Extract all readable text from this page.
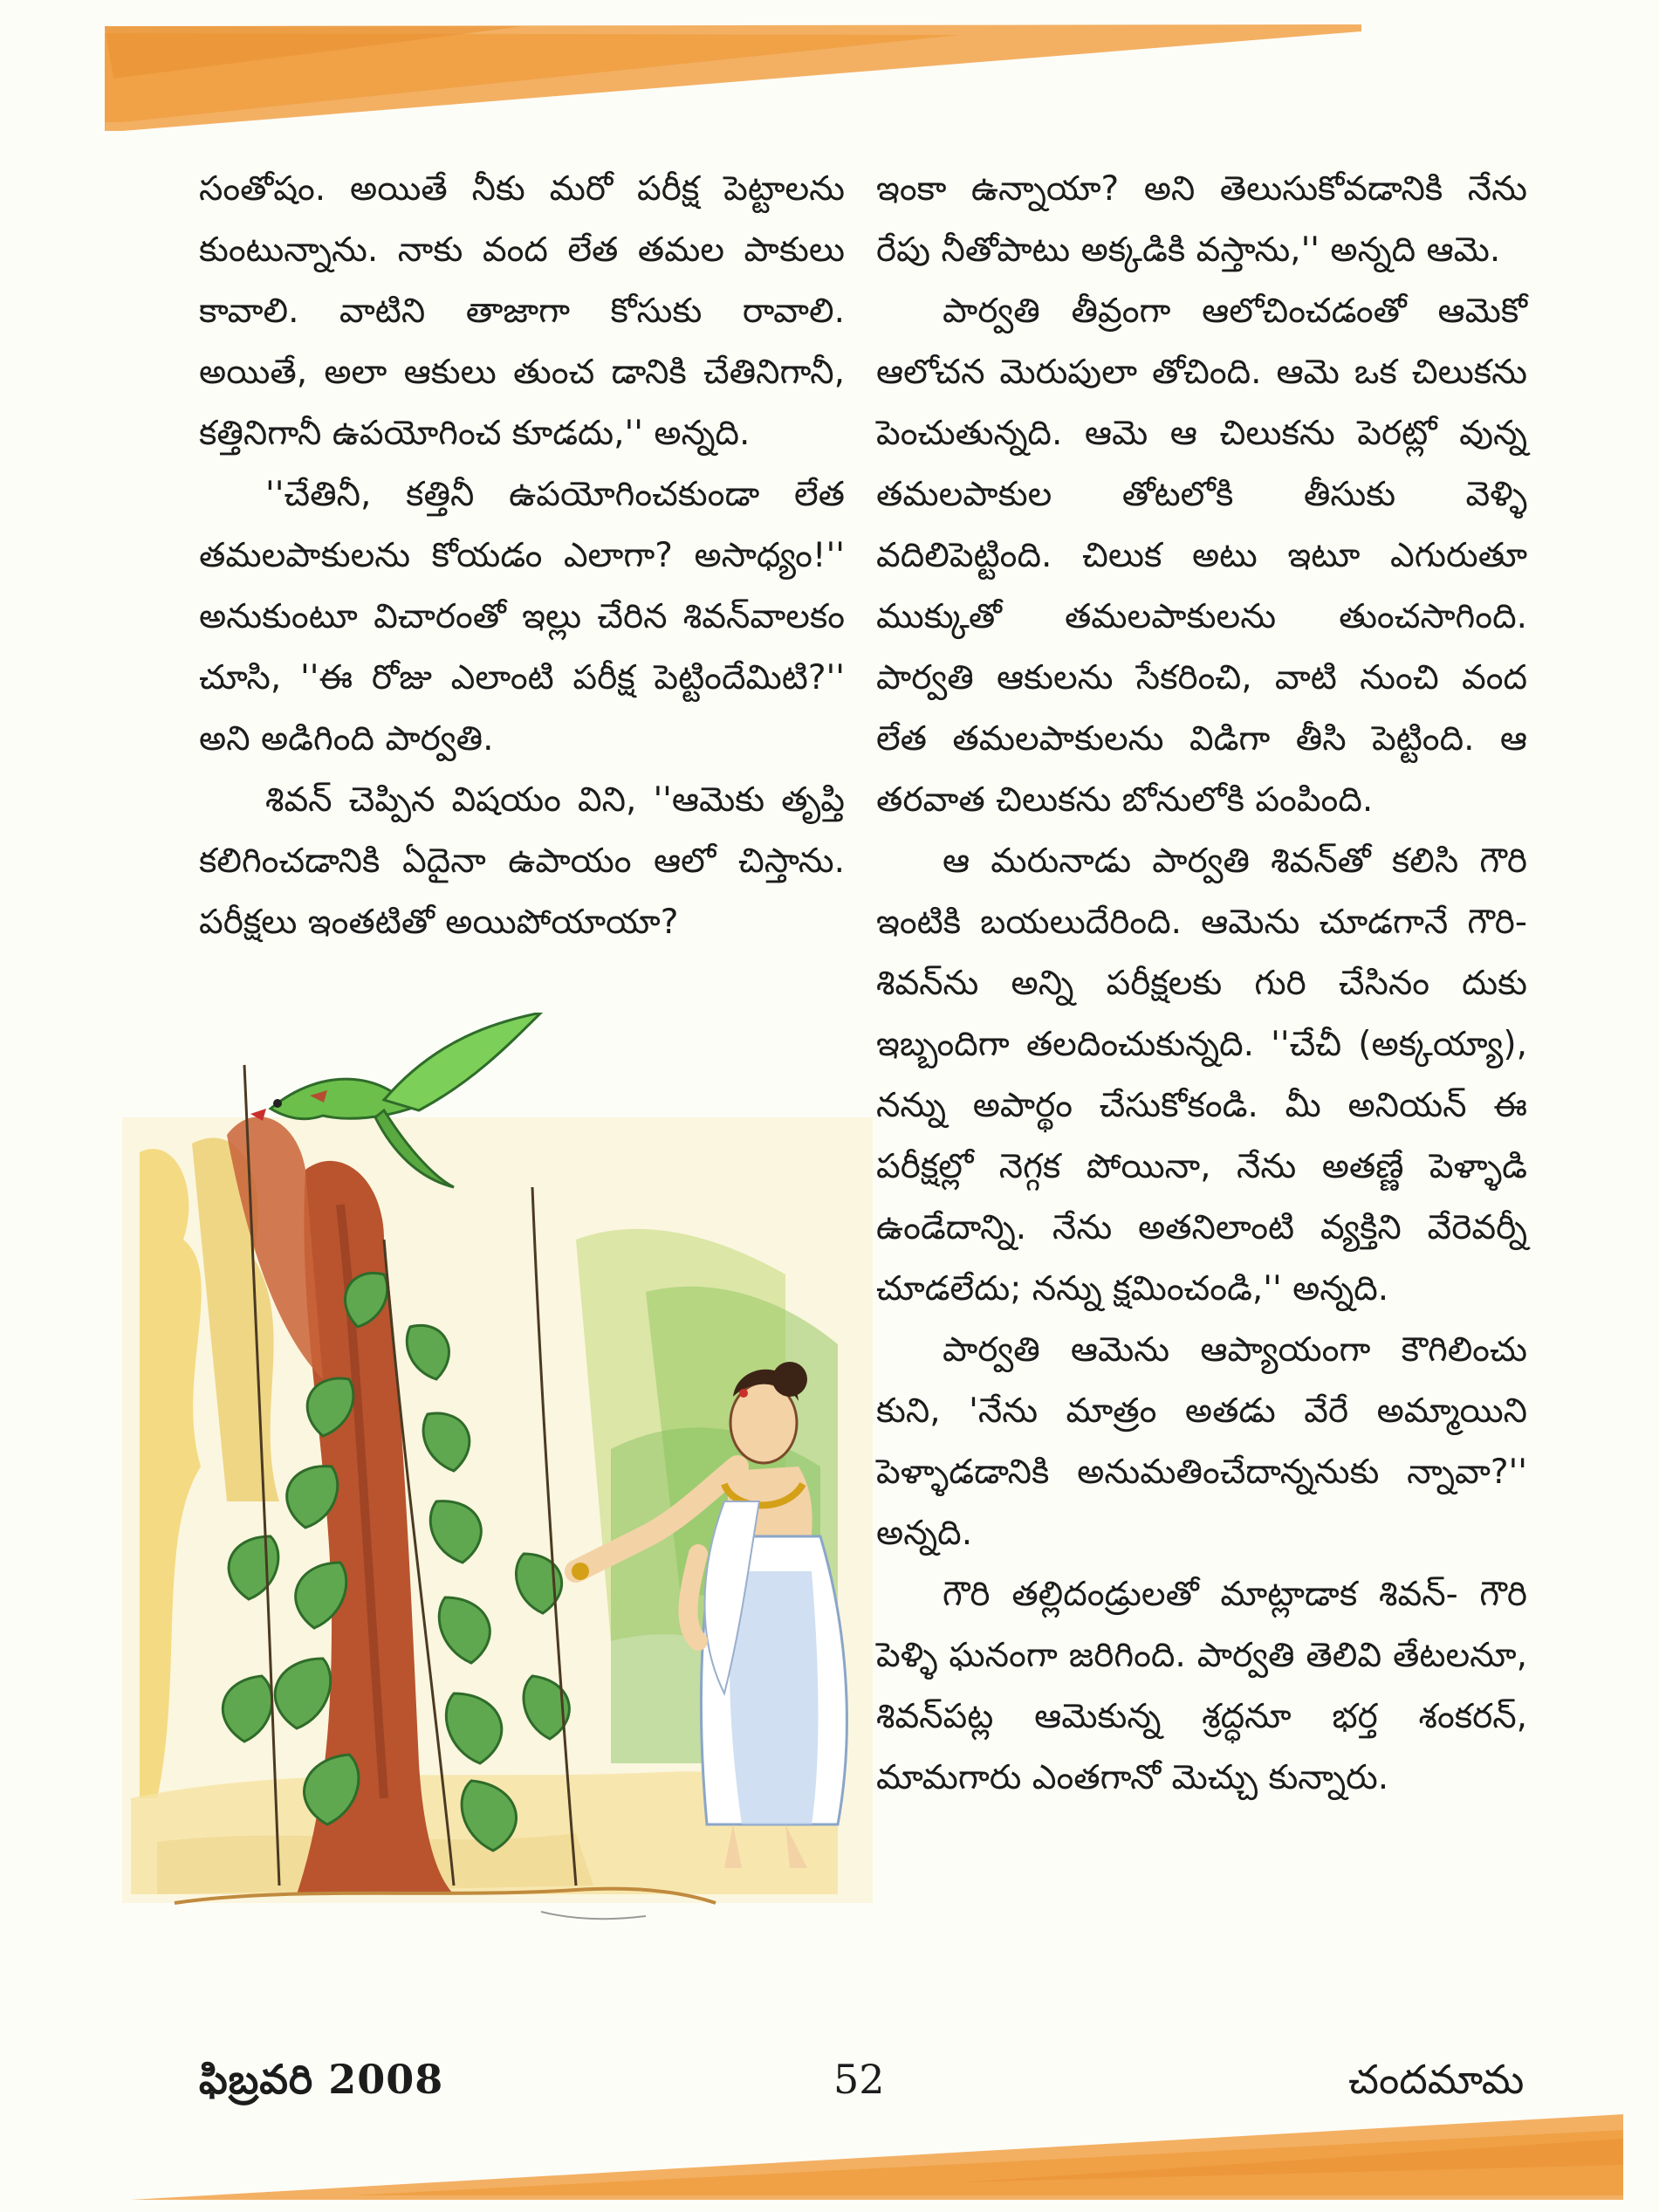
సంతోషం. అయితే నీకు మరో పరీక్ష పెట్టాలను కుంటున్నాను. నాకు వంద లేత తమల పాకులు కావాలి. వాటిని తాజాగా కోసుకు రావాలి. అయితే, అలా ఆకులు తుంచ డానికి చేతినిగానీ, కత్తినిగానీ ఉపయోగించ కూడదు,'' అన్నది.

''చేతినీ, కత్తినీ ఉపయోగించకుండా లేత తమలపాకులను కోయడం ఎలాగా? అసాధ్యం!'' అనుకుంటూ విచారంతో ఇల్లు చేరిన శివన్‌వాలకం చూసి, ''ఈ రోజు ఎలాంటి పరీక్ష పెట్టిందేమిటి?'' అని అడిగింది పార్వతి.

శివన్ చెప్పిన విషయం విని, ''ఆమెకు తృప్తి కలిగించడానికి ఏదైనా ఉపాయం ఆలో చిస్తాను. పరీక్షలు ఇంతటితో అయిపోయాయా?

ఇంకా ఉన్నాయా? అని తెలుసుకోవడానికి నేను రేపు నీతోపాటు అక్కడికి వస్తాను,'' అన్నది ఆమె.

పార్వతి తీవ్రంగా ఆలోచించడంతో ఆమెకో ఆలోచన మెరుపులా తోచింది. ఆమె ఒక చిలుకను పెంచుతున్నది. ఆమె ఆ చిలుకను పెరట్లో వున్న తమలపాకుల తోటలోకి తీసుకు వెళ్ళి వదిలిపెట్టింది. చిలుక అటు ఇటూ ఎగురుతూ ముక్కుతో తమలపాకులను తుంచసాగింది. పార్వతి ఆకులను సేకరించి, వాటి నుంచి వంద లేత తమలపాకులను విడిగా తీసి పెట్టింది. ఆ తరవాత చిలుకను బోనులోకి పంపింది.

ఆ మరునాడు పార్వతి శివన్‌తో కలిసి గౌరి ఇంటికి బయలుదేరింది. ఆమెను చూడగానే గౌరి-శివన్‌ను అన్ని పరీక్షలకు గురి చేసినం దుకు ఇబ్బందిగా తలదించుకున్నది. ''చేచీ (అక్కయ్యా), నన్ను అపార్థం చేసుకోకండి. మీ అనియన్ ఈ పరీక్షల్లో నెగ్గక పోయినా, నేను అతణ్ణే పెళ్ళాడి ఉండేదాన్ని. నేను అతనిలాంటి వ్యక్తిని వేరెవర్నీ చూడలేదు; నన్ను క్షమించండి,'' అన్నది.

పార్వతి ఆమెను ఆప్యాయంగా కౌగిలించు కుని, 'నేను మాత్రం అతడు వేరే అమ్మాయిని పెళ్ళాడడానికి అనుమతించేదాన్ననుకు న్నావా?'' అన్నది.

గౌరి తల్లిదండ్రులతో మాట్లాడాక శివన్- గౌరి పెళ్ళి ఘనంగా జరిగింది. పార్వతి తెలివి తేటలనూ, శివన్‌పట్ల ఆమెకున్న శ్రద్ధనూ భర్త శంకరన్, మామగారు ఎంతగానో మెచ్చు కున్నారు.

ఫిబ్రవరి 2008	52	చందమామ
